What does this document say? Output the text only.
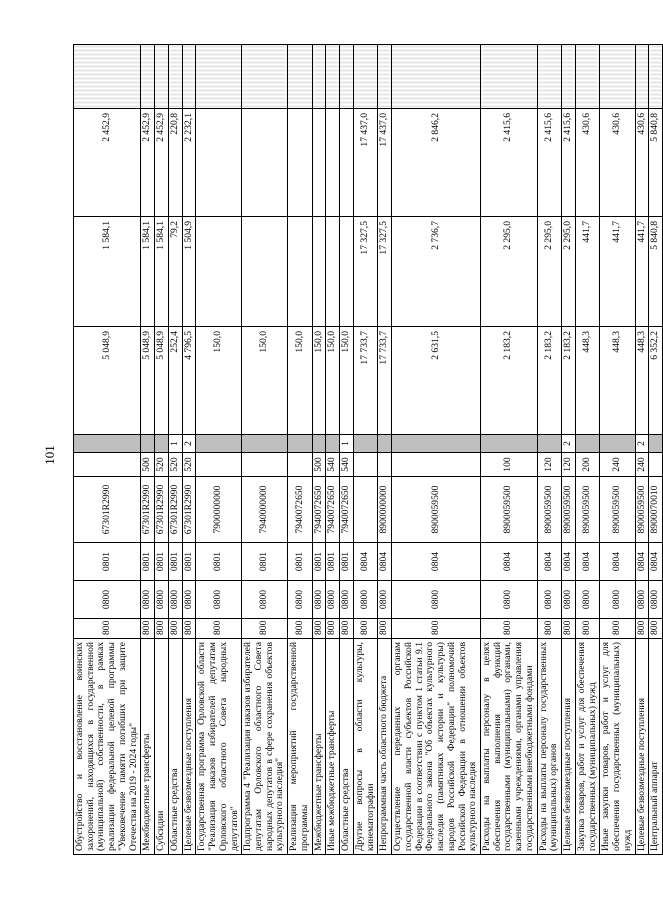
101
Обустройство и восстановление воинских захоронений, находящихся в государственной (муниципальной) собственности, в рамках реализации федеральной целевой программы "Увековечение памяти погибших при защите Отечества на 2019 - 2024 годы"	800	0800	0801	67301R2990			5 048,9	1 584,1	2 452,9	
Межбюджетные трансферты	800	0800	0801	67301R2990	500		5 048,9	1 584,1	2 452,9	
Субсидии	800	0800	0801	67301R2990	520		5 048,9	1 584,1	2 452,9	
Областные средства	800	0800	0801	67301R2990	520	1	252,4	79,2	220,8	
Целевые безвозмездные поступления	800	0800	0801	67301R2990	520	2	4 796,5	1 504,9	2 232,1	
Государственная программа Орловской области "Реализация наказов избирателей депутатам Орловского областного Совета народных депутатов"	800	0800	0801	7900000000			150,0			
Подпрограмма 4 "Реализация наказов избирателей депутатам Орловского областного Совета народных депутатов в сфере сохранения объектов культурного наследия"	800	0800	0801	7940000000			150,0			
Реализация мероприятий государственной программы	800	0800	0801	7940072650			150,0			
Межбюджетные трансферты	800	0800	0801	7940072650	500		150,0			
Иные межбюджетные трансферты	800	0800	0801	7940072650	540		150,0			
Областные средства	800	0800	0801	7940072650	540	1	150,0			
Другие вопросы в области культуры, кинематографии	800	0800	0804				17 733,7	17 327,5	17 437,0	
Непрограммная часть областного бюджета	800	0800	0804	8900000000			17 733,7	17 327,5	17 437,0	
Осуществление переданных органам государственной власти субъектов Российской Федерации в соответствии с пунктом 1 статьи 9.1 Федерального закона "Об объектах культурного наследия (памятниках истории и культуры) народов Российской Федерации" полномочий Российской Федерации в отношении объектов культурного наследия	800	0800	0804	8900059500			2 631,5	2 736,7	2 846,2	
Расходы на выплаты персоналу в целях обеспечения выполнения функций государственными (муниципальными) органами, казенными учреждениями, органами управления государственными внебюджетными фондами	800	0800	0804	8900059500	100		2 183,2	2 295,0	2 415,6	
Расходы на выплаты персоналу государственных (муниципальных) органов	800	0800	0804	8900059500	120		2 183,2	2 295,0	2 415,6	
Целевые безвозмездные поступления	800	0800	0804	8900059500	120	2	2 183,2	2 295,0	2 415,6	
Закупка товаров, работ и услуг для обеспечения государственных (муниципальных) нужд	800	0800	0804	8900059500	200		448,3	441,7	430,6	
Иные закупки товаров, работ и услуг для обеспечения государственных (муниципальных) нужд	800	0800	0804	8900059500	240		448,3	441,7	430,6	
Целевые безвозмездные поступления	800	0800	0804	8900059500	240	2	448,3	441,7	430,6	
Центральный аппарат	800	0800	0804	8900070010			6 352,2	5 840,8	5 840,8	
